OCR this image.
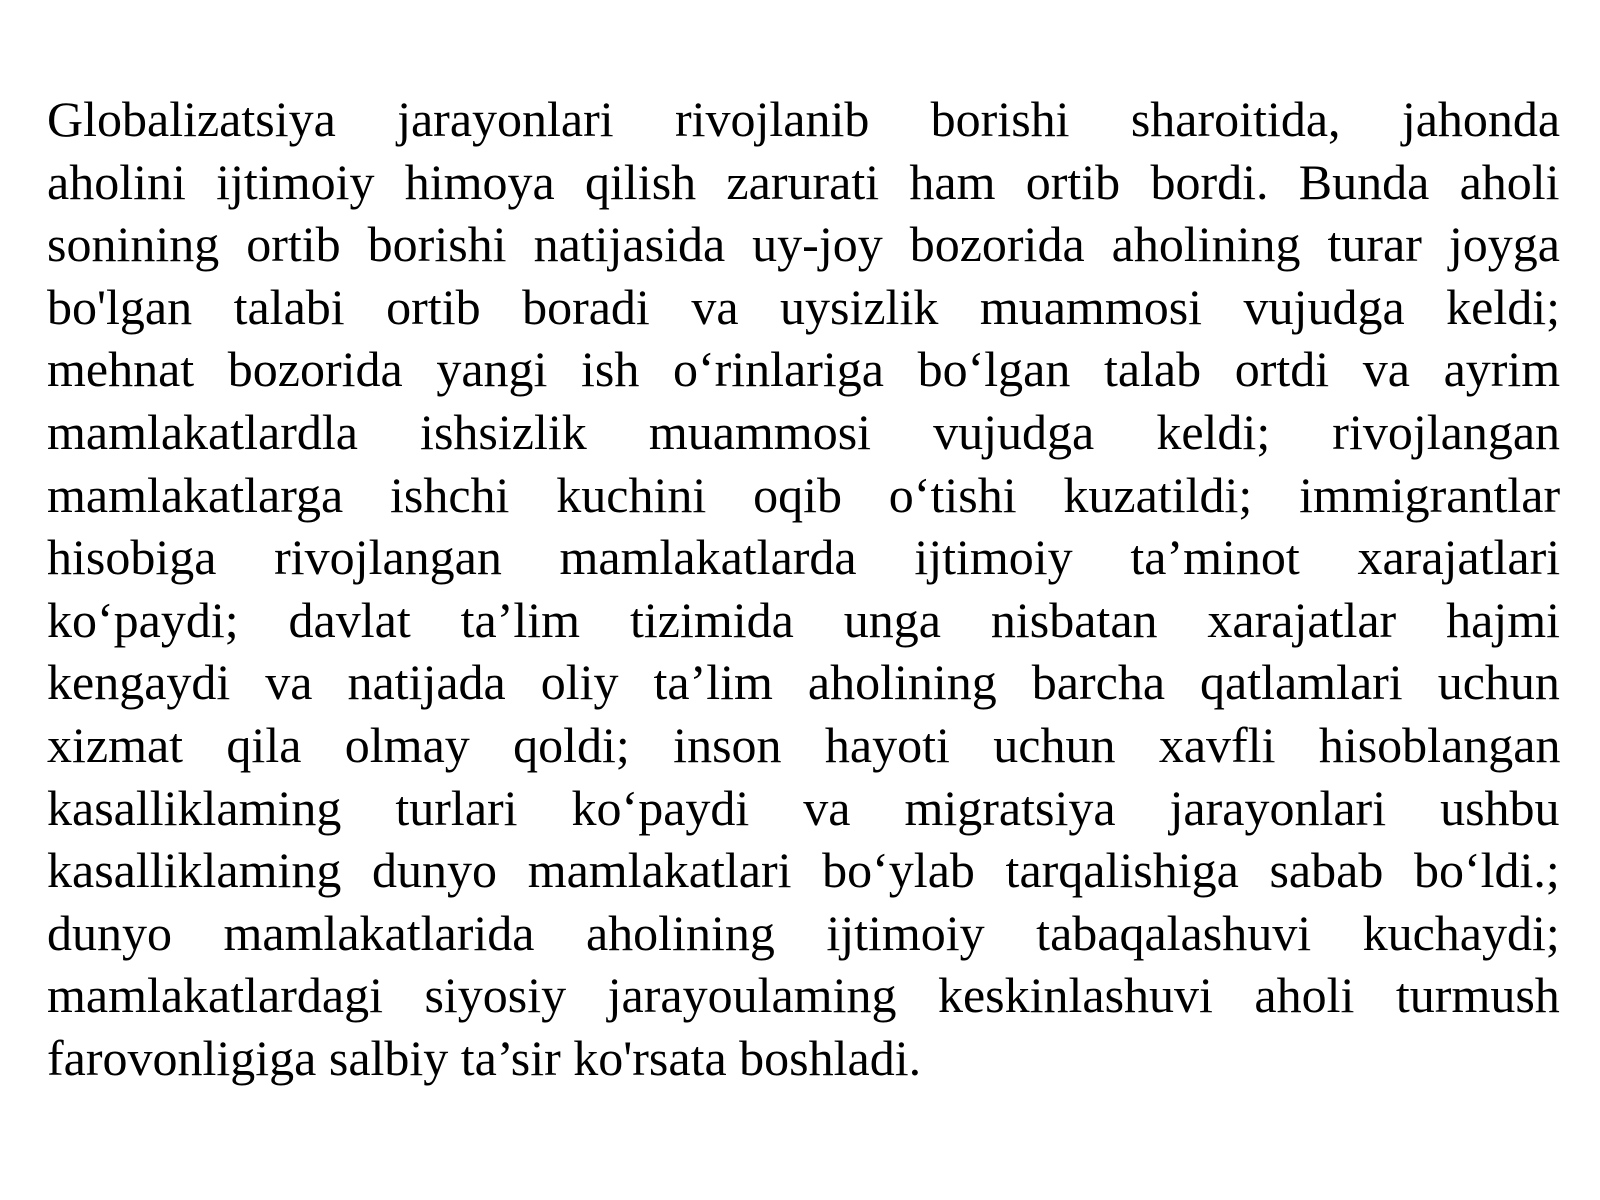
Globalizatsiya jarayonlari rivojlanib borishi sharoitida, jahonda
aholini ijtimoiy himoya qilish zarurati ham ortib bordi. Bunda aholi
sonining ortib borishi natijasida uy-joy bozorida aholining turar joyga
bo'lgan talabi ortib boradi va uysizlik muammosi vujudga keldi;
mehnat bozorida yangi ish o‘rinlariga bo‘lgan talab ortdi va ayrim
mamlakatlardla ishsizlik muammosi vujudga keldi; rivojlangan
mamlakatlarga ishchi kuchini oqib o‘tishi kuzatildi; immigrantlar
hisobiga rivojlangan mamlakatlarda ijtimoiy ta’minot xarajatlari
ko‘paydi; davlat ta’lim tizimida unga nisbatan xarajatlar hajmi
kengaydi va natijada oliy ta’lim aholining barcha qatlamlari uchun
xizmat qila olmay qoldi; inson hayoti uchun xavfli hisoblangan
kasalliklaming turlari ko‘paydi va migratsiya jarayonlari ushbu
kasalliklaming dunyo mamlakatlari bo‘ylab tarqalishiga sabab bo‘ldi.;
dunyo mamlakatlarida aholining ijtimoiy tabaqalashuvi kuchaydi;
mamlakatlardagi siyosiy jarayoulaming keskinlashuvi aholi turmush
farovonligiga salbiy ta’sir ko'rsata boshladi.
